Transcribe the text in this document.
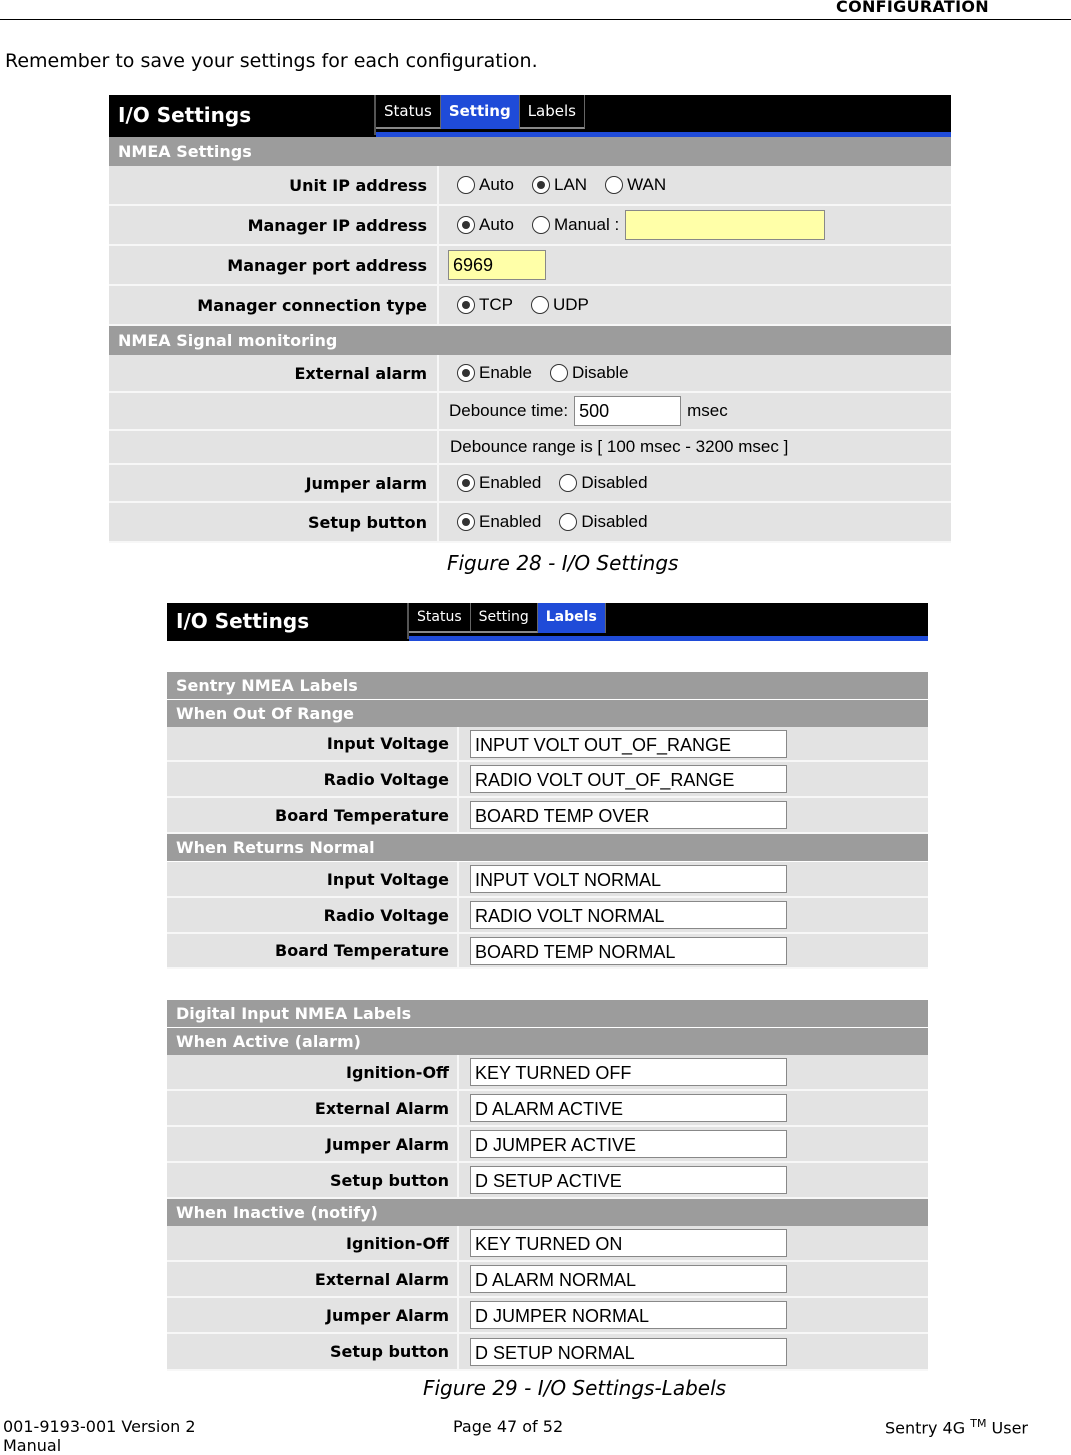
CONFIGURATION
Remember to save your settings for each configuration.
I/O Settings	Status	Setting	Labels
NMEA Settings
Unit IP address	Auto LAN WAN
Manager IP address	Auto Manual :
Manager port address	6969
Manager connection type	TCP UDP
NMEA Signal monitoring
External alarm	Enable Disable
Debounce time: 500	msec
Debounce range is [ 100 msec - 3200 msec ]
Jumper alarm	Enabled Disabled
Setup button	Enabled Disabled
Figure 28 - I/O Settings
I/O Settings	Status	Setting	Labels
Sentry NMEA Labels
When Out Of Range
Input Voltage	INPUT VOLT OUT_OF_RANGE
Radio Voltage	RADIO VOLT OUT_OF_RANGE
Board Temperature	BOARD TEMP OVER
When Returns Normal
Input Voltage	INPUT VOLT NORMAL
Radio Voltage	RADIO VOLT NORMAL
Board Temperature	BOARD TEMP NORMAL
Digital Input NMEA Labels
When Active (alarm)
Ignition-Off	KEY TURNED OFF
External Alarm	D ALARM ACTIVE
Jumper Alarm	D JUMPER ACTIVE
Setup button	D SETUP ACTIVE
When Inactive (notify)
Ignition-Off	KEY TURNED ON
External Alarm	D ALARM NORMAL
Jumper Alarm	D JUMPER NORMAL
Setup button	D SETUP NORMAL
Figure 29 - I/O Settings-Labels
001-9193-001 Version 2
Manual
Page 47 of 52	Sentry 4G ™ User
